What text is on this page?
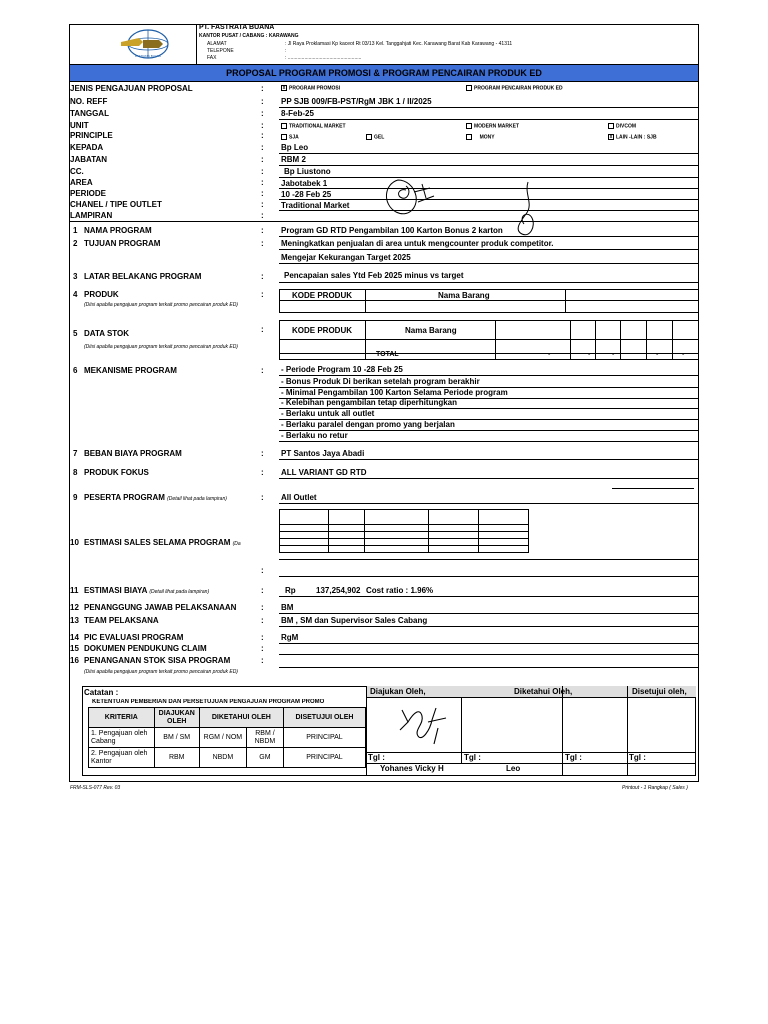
FASTRATA BUANA
PT. FASTRATA BUANA
KANTOR PUSAT / CABANG : KARAWANG
ALAMAT	: Jl Raya Proklamasi Kp kaceot Rt 03/13 Kel. Tanggahjati Kec. Karawang Barat Kab Karawang - 41311
TELEPONE	:
FAX	: .....................................................
PROPOSAL PROGRAM PROMOSI & PROGRAM PENCAIRAN PRODUK ED
JENIS PENGAJUAN PROPOSAL	:	x PROGRAM PROMOSI	PROGRAM PENCAIRAN PRODUK ED
NO. REFF	: PP SJB 009/FB-PST/RgM JBK 1 / II/2025
TANGGAL	: 8-Feb-25
UNIT	:	TRADITIONAL MARKET	MODERN MARKET	DIVCOM
PRINCIPLE	:	SJA	GEL	MONY	x LAIN -LAIN : SJB
KEPADA	: Bp Leo
JABATAN	: RBM 2
CC.	:	Bp Liustono
AREA	: Jabotabek 1
PERIODE	: 10 -28 Feb 25
CHANEL / TIPE OUTLET	: Traditional Market
LAMPIRAN	:
1 NAMA PROGRAM	: Program GD RTD Pengambilan 100 Karton Bonus 2 karton
2 TUJUAN PROGRAM	: Meningkatkan penjualan di area untuk mengcounter produk competitor.
Mengejar Kekurangan Target 2025
3 LATAR BELAKANG PROGRAM	:	Pencapaian sales Ytd Feb 2025 minus vs target
4 PRODUK	:
(Diisi apabila pengajuan program terkait promo pencairan produk ED)
KODE PRODUK	Nama Barang
5 DATA STOK	:
(Diisi apabila pengajuan program terkait promo pencairan produk ED)
KODE PRODUK	Nama Barang
TOTAL	-	-	-	-	-
6 MEKANISME PROGRAM	: - Periode Program 10 -28 Feb 25
- Bonus Produk Di berikan setelah program berakhir
- Minimal Pengambilan 100 Karton Selama Periode program
- Kelebihan pengambilan tetap diperhitungkan
- Berlaku untuk all outlet
- Berlaku paralel dengan promo yang berjalan
- Berlaku no retur
7 BEBAN BIAYA PROGRAM	: PT Santos Jaya Abadi
8 PRODUK FOKUS	: ALL VARIANT GD RTD
9 PESERTA PROGRAM (Detail lihat pada lampiran)	: All Outlet
10 ESTIMASI SALES SELAMA PROGRAM (Da
:
11 ESTIMASI BIAYA (Detail lihat pada lampiran)	:	Rp	137,254,902 Cost ratio : 1.96%
12 PENANGGUNG JAWAB PELAKSANAAN	: BM
13 TEAM PELAKSANA	: BM , SM dan Supervisor Sales Cabang
14 PIC EVALUASI PROGRAM	: RgM
15 DOKUMEN PENDUKUNG CLAIM	:
16 PENANGANAN STOK SISA PROGRAM	:
(Diisi apabila pengajuan program terkait promo pencairan produk ED)
Catatan :
KETENTUAN PEMBERIAN DAN PERSETUJUAN PENGAJUAN PROGRAM PROMO
KRITERIA	DIAJUKAN OLEH	DIKETAHUI OLEH		DISETUJUI OLEH
1. Pengajuan oleh Cabang	BM / SM	RGM / NOM	RBM / NBDM	PRINCIPAL
2. Pengajuan oleh Kantor	RBM	NBDM	GM	PRINCIPAL
Diajukan Oleh,	Diketahui Oleh,	Disetujui oleh,
Tgl :	Tgl :	Tgl :	Tgl :
Yohanes Vicky H	Leo
FRM-SLS-077 Rev. 03	Printout - 1 Rangkap ( Sales )
